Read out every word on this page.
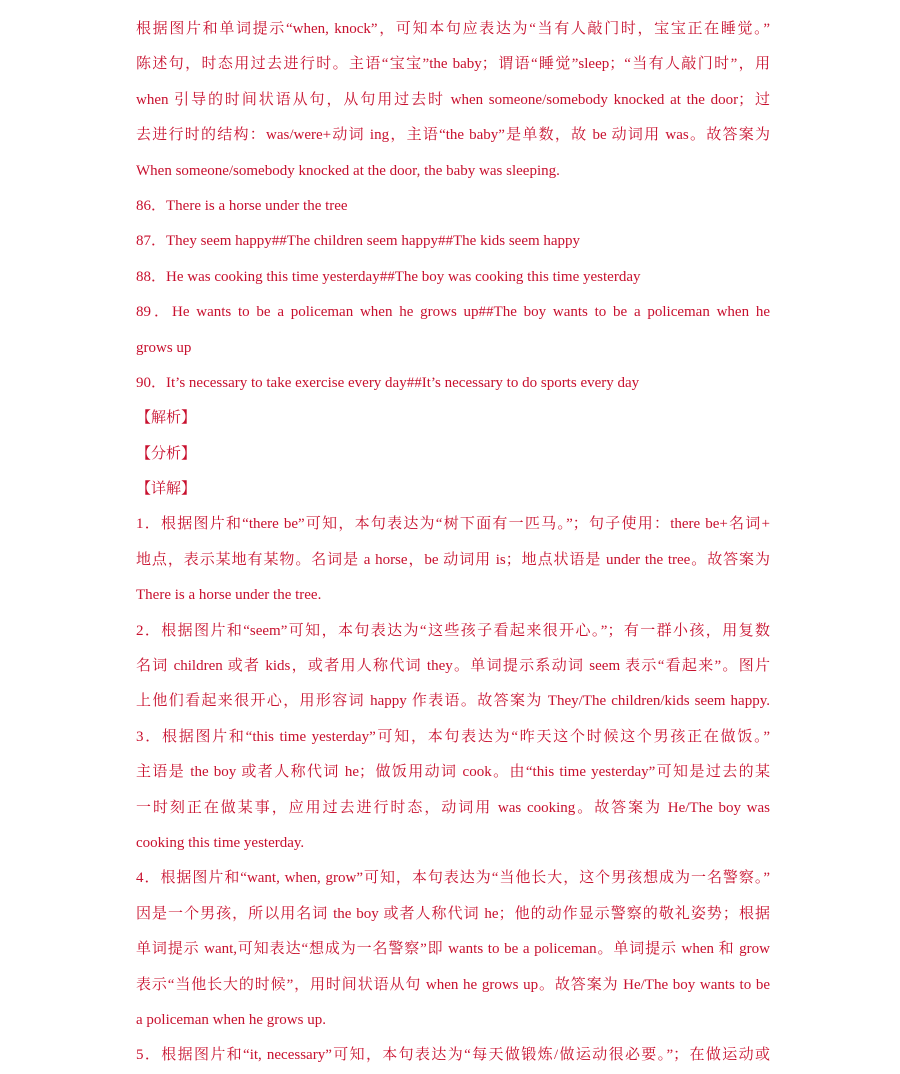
根据图片和单词提示“when, knock”，可知本句应表达为“当有人敲门时，宝宝正在睡觉。”
陈述句，时态用过去进行时。主语“宝宝”the baby；谓语“睡觉”sleep；“当有人敲门时”，用
when 引导的时间状语从句，从句用过去时 when someone/somebody knocked at the door；过
去进行时的结构：was/were+动词 ing，主语“the baby”是单数，故 be 动词用 was。故答案为
When someone/somebody knocked at the door, the baby was sleeping.
86．There is a horse under the tree
87．They seem happy##The children seem happy##The kids seem happy
88．He was cooking this time yesterday##The boy was cooking this time yesterday
89．He wants to be a policeman when he grows up##The boy wants to be a policeman when he
grows up
90．It’s necessary to take exercise every day##It’s necessary to do sports every day
【解析】
【分析】
【详解】
1．根据图片和“there be”可知，本句表达为“树下面有一匹马。”；句子使用：there be+名词+
地点，表示某地有某物。名词是 a horse，be 动词用 is；地点状语是 under the tree。故答案为
There is a horse under the tree.
2．根据图片和“seem”可知，本句表达为“这些孩子看起来很开心。”；有一群小孩，用复数
名词 children 或者 kids，或者用人称代词 they。单词提示系动词 seem 表示“看起来”。图片
上他们看起来很开心，用形容词 happy 作表语。故答案为 They/The children/kids seem happy.
3．根据图片和“this time yesterday”可知，本句表达为“昨天这个时候这个男孩正在做饭。”
主语是 the boy 或者人称代词 he；做饭用动词 cook。由“this time yesterday”可知是过去的某
一时刻正在做某事，应用过去进行时态，动词用 was cooking。故答案为 He/The boy was
cooking this time yesterday.
4．根据图片和“want, when, grow”可知，本句表达为“当他长大，这个男孩想成为一名警察。”
因是一个男孩，所以用名词 the boy 或者人称代词 he；他的动作显示警察的敬礼姿势；根据
单词提示 want,可知表达“想成为一名警察”即 wants to be a policeman。单词提示 when 和 grow
表示“当他长大的时候”，用时间状语从句 when he grows up。故答案为 He/The boy wants to be
a policeman when he grows up.
5．根据图片和“it, necessary”可知，本句表达为“每天做锻炼/做运动很必要。”；在做运动或
